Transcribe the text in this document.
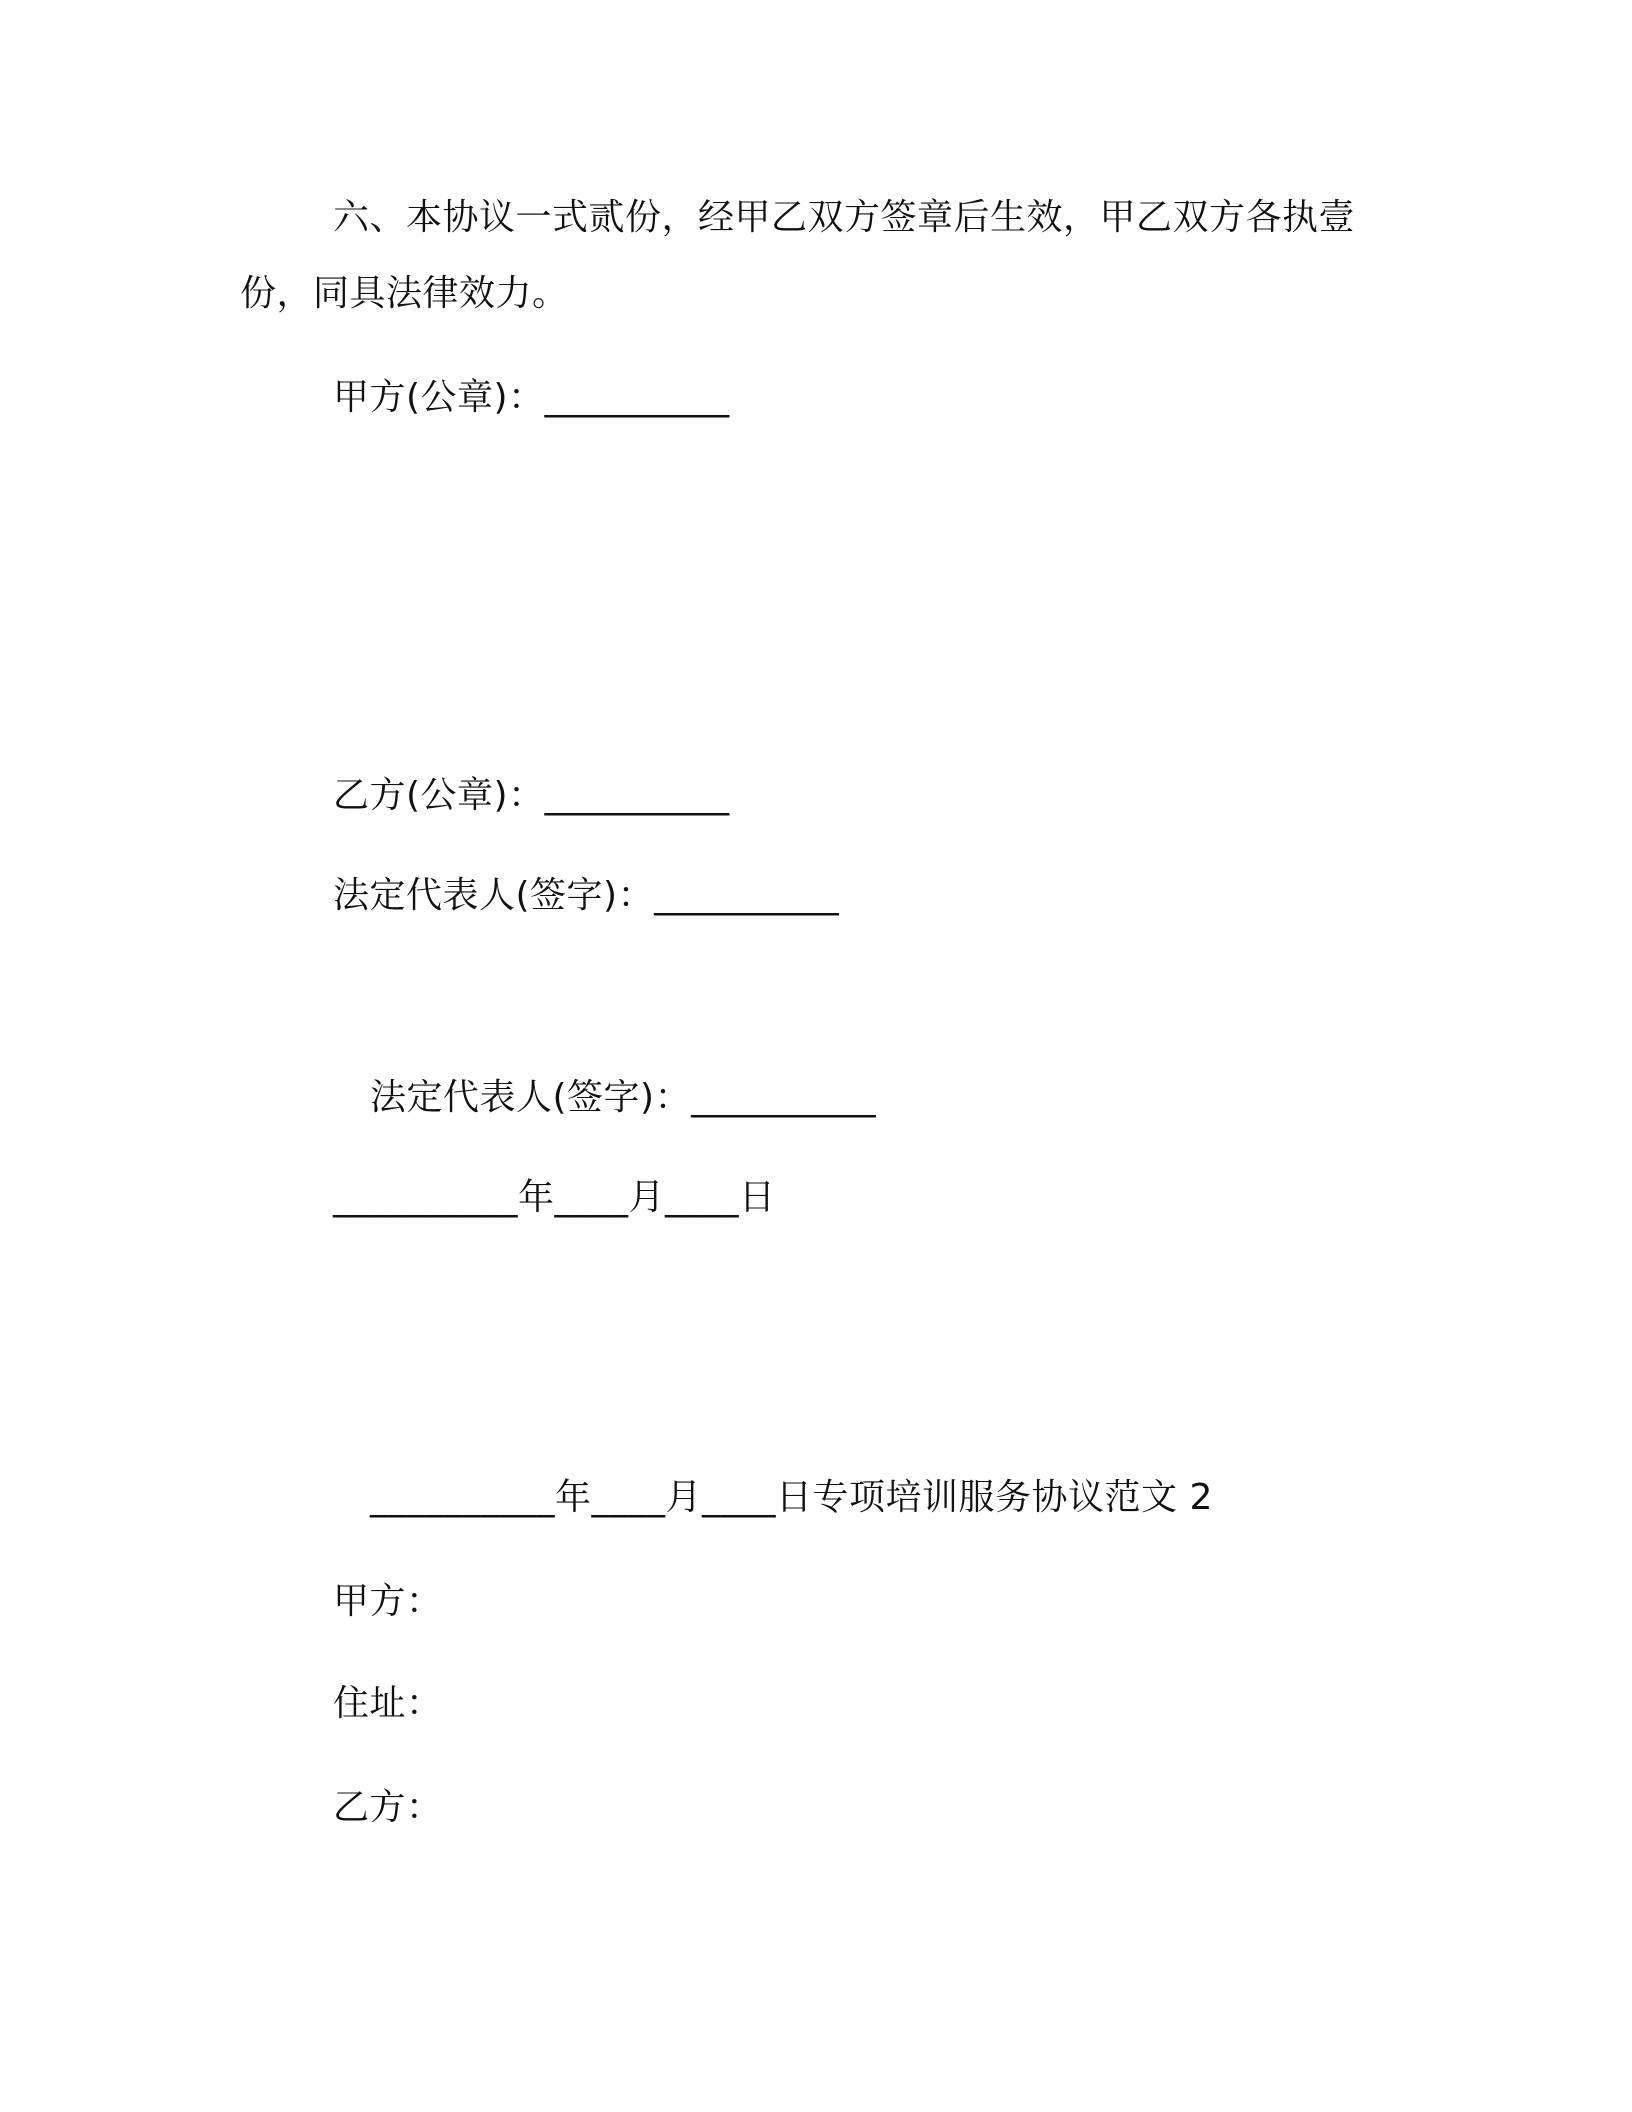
六、本协议一式贰份，经甲乙双方签章后生效，甲乙双方各执壹
份，同具法律效力。
甲方(公章)：__________
乙方(公章)：__________
法定代表人(签字)：__________
法定代表人(签字)：__________
__________年____月____日
__________年____月____日专项培训服务协议范文 2
甲方：
住址：
乙方：
